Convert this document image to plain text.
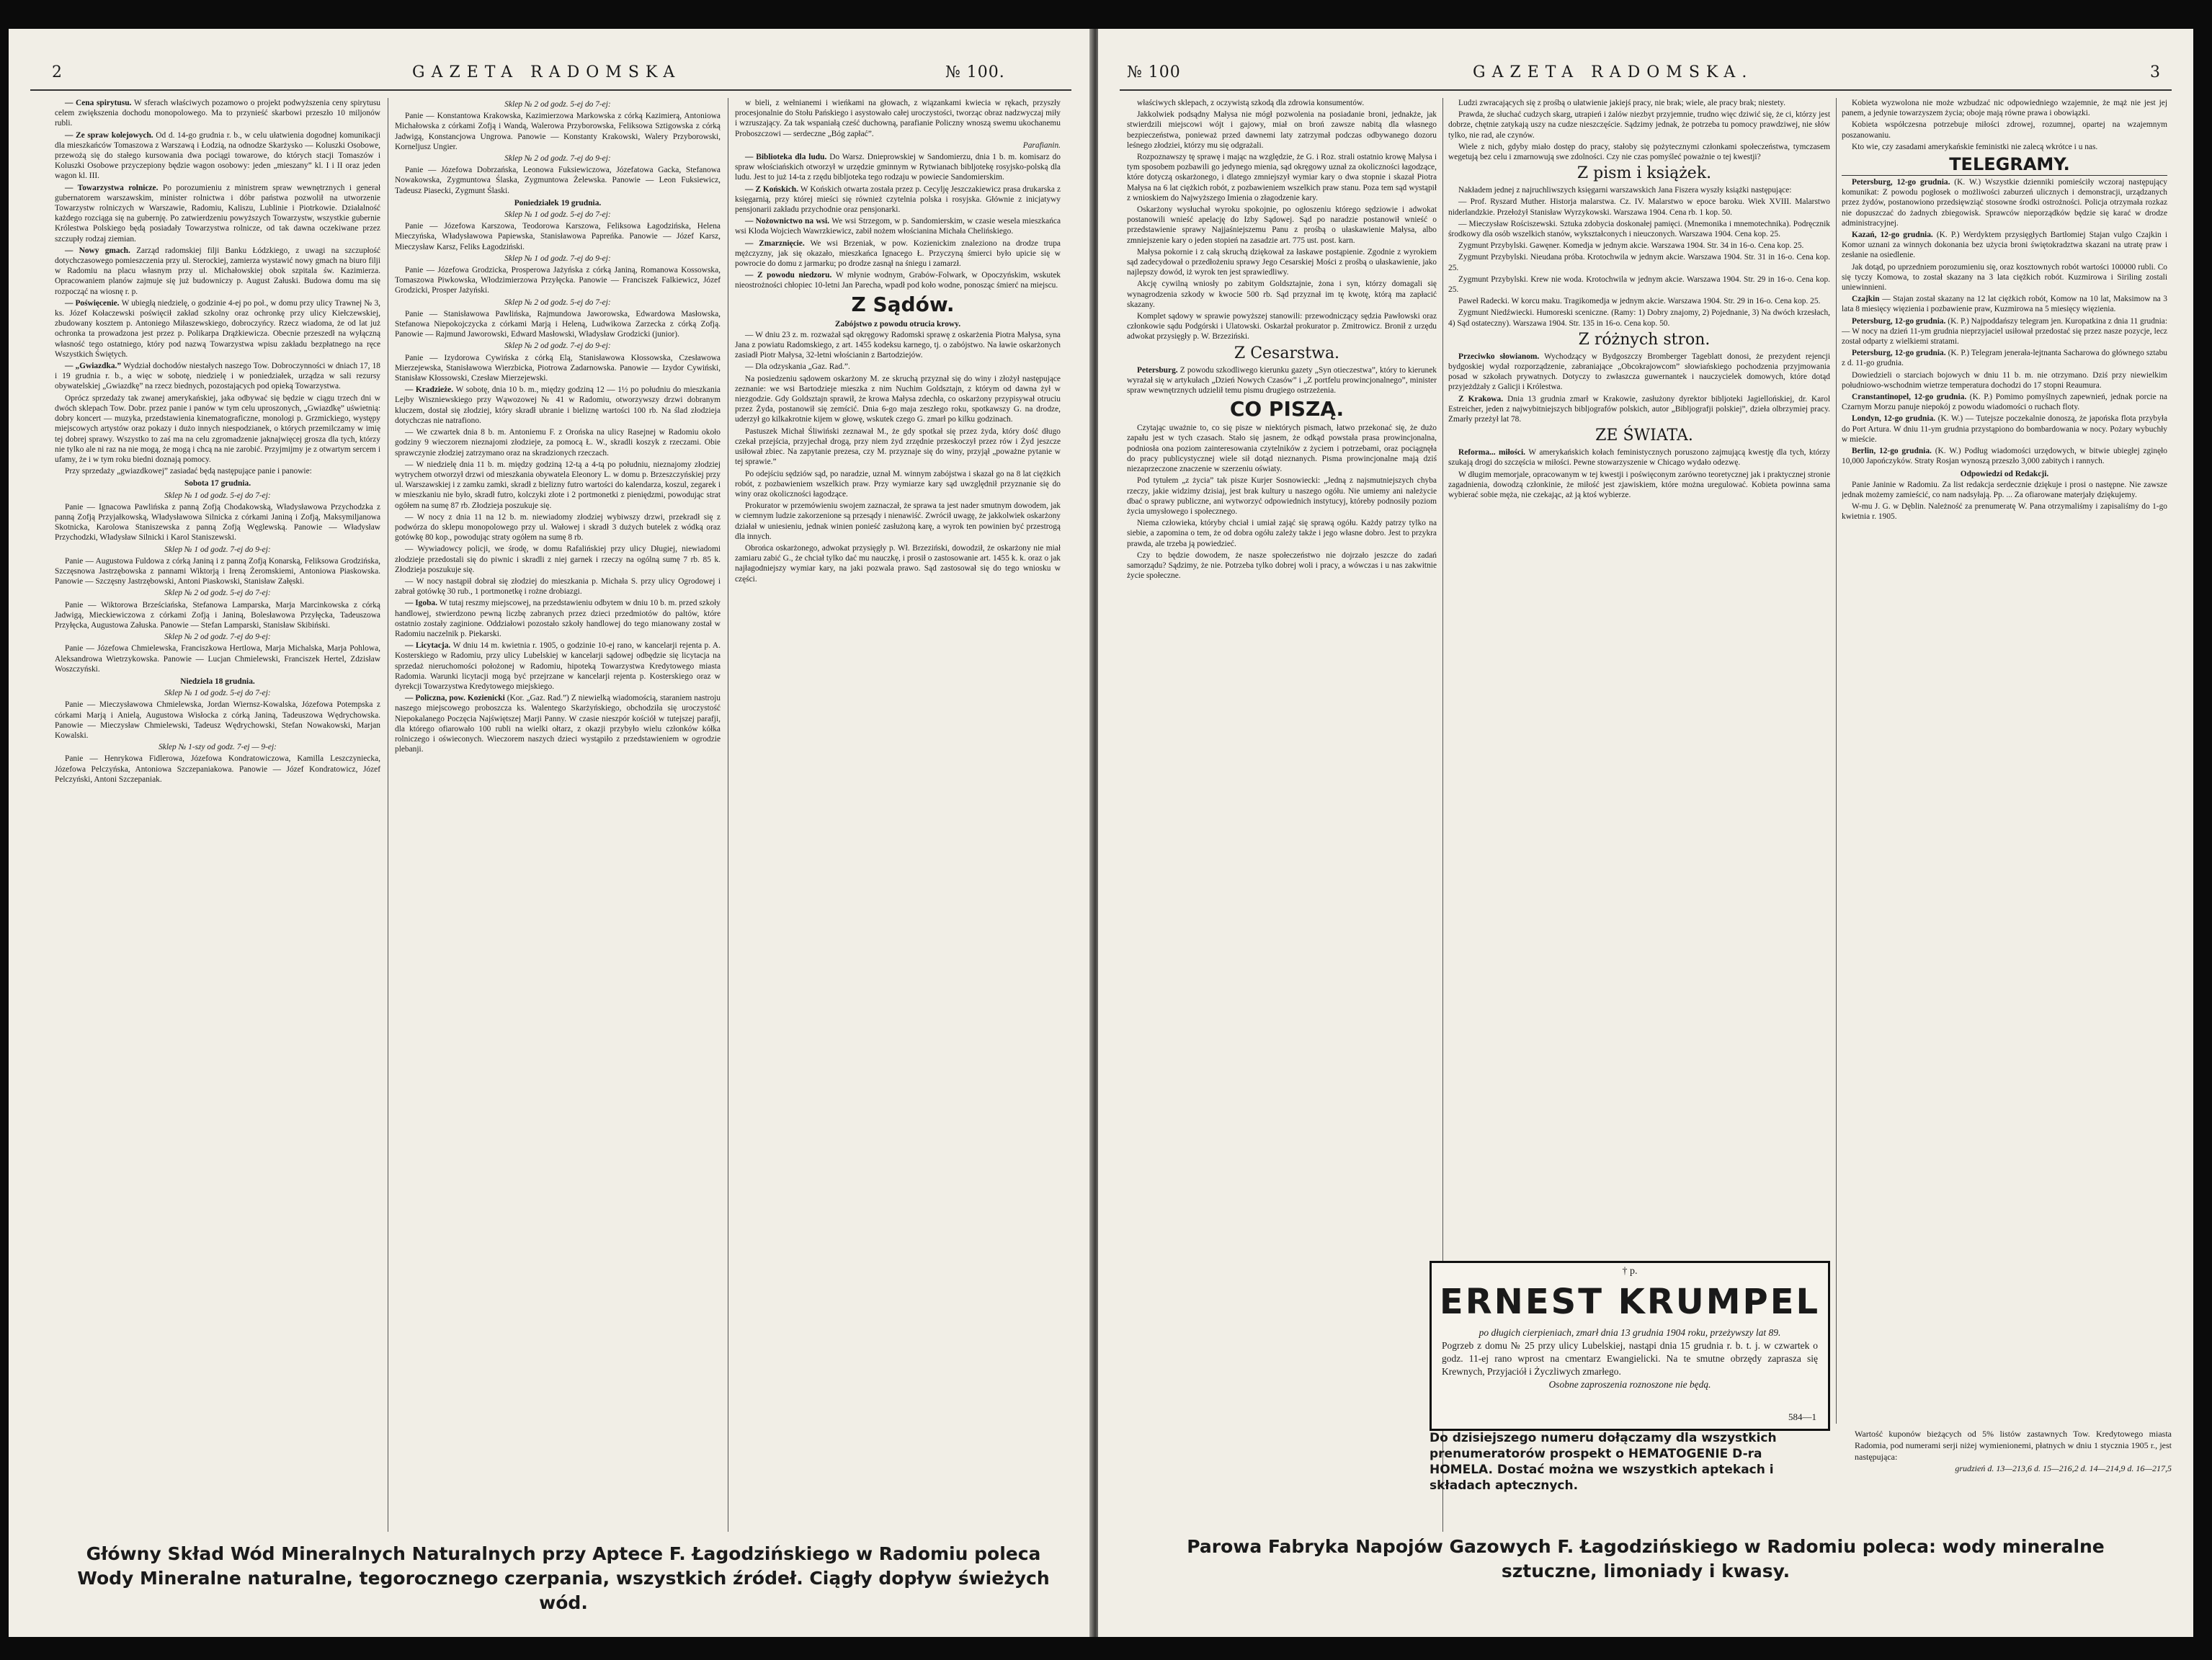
2	GAZETA RADOMSKA	№ 100.

— Cena spirytusu. W sferach właściwych pozamowo o projekt podwyższenia ceny spirytusu celem zwiększenia dochodu monopolowego. Ma to przynieść skarbowi przeszło 10 miljonów rubli.

— Ze spraw kolejowych. Od d. 14-go grudnia r. b., w celu ułatwienia dogodnej komunikacji dla mieszkańców Tomaszowa z Warszawą i Łodzią, na odnodze Skarżysko — Koluszki Osobowe, przewożą się do stałego kursowania dwa pociągi towarowe, do których stacji Tomaszów i Koluszki Osobowe przyczepiony będzie wagon osobowy: jeden „mieszany” kl. I i II oraz jeden wagon kl. III.

— Towarzystwa rolnicze. Po porozumieniu z ministrem spraw wewnętrznych i generał gubernatorem warszawskim, minister rolnictwa i dóbr państwa pozwolił na utworzenie Towarzystw rolniczych w Warszawie, Radomiu, Kaliszu, Lublinie i Piotrkowie. Działalność każdego rozciąga się na gubernję. Po zatwierdzeniu powyższych Towarzystw, wszystkie gubernie Królestwa Polskiego będą posiadały Towarzystwa rolnicze, od tak dawna oczekiwane przez szczupły rodzaj ziemian.

— Nowy gmach. Zarząd radomskiej filji Banku Łódzkiego, z uwagi na szczupłość dotychczasowego pomieszczenia przy ul. Sterockiej, zamierza wystawić nowy gmach na biuro filji w Radomiu na placu własnym przy ul. Michałowskiej obok szpitala św. Kazimierza. Opracowaniem planów zajmuje się już budowniczy p. August Załuski. Budowa domu ma się rozpocząć na wiosnę r. p.

— Poświęcenie. W ubiegłą niedzielę, o godzinie 4-ej po poł., w domu przy ulicy Trawnej № 3, ks. Józef Kołaczewski poświęcił zakład szkolny oraz ochronkę przy ulicy Kiełczewskiej, zbudowany kosztem p. Antoniego Miłaszewskiego, dobroczyńcy. Rzecz wiadoma, że od lat już ochronka ta prowadzona jest przez p. Polikarpa Drążkiewicza. Obecnie przeszedł na wyłączną własność tego ostatniego, który pod nazwą Towarzystwa wpisu zakładu bezpłatnego na ręce Wszystkich Świętych.

— „Gwiazdka.” Wydział dochodów niestałych naszego Tow. Dobroczynności w dniach 17, 18 i 19 grudnia r. b., a więc w sobotę, niedzielę i w poniedziałek, urządza w sali rezursy obywatelskiej „Gwiazdkę” na rzecz biednych, pozostających pod opieką Towarzystwa.

Oprócz sprzedaży tak zwanej amerykańskiej, jaka odbywać się będzie w ciągu trzech dni w dwóch sklepach Tow. Dobr. przez panie i panów w tym celu uproszonych, „Gwiazdkę” uświetnią: dobry koncert — muzyka, przedstawienia kinematograficzne, monologi p. Grzmickiego, występy miejscowych artystów oraz pokazy i dużo innych niespodzianek, o których przemilczamy w imię tej dobrej sprawy. Wszystko to zaś ma na celu zgromadzenie jaknajwięcej grosza dla tych, którzy nie tylko ale ni raz na nie mogą, że mogą i chcą na nie zarobić. Przyjmijmy je z otwartym sercem i ufamy, że i w tym roku biedni doznają pomocy.

Przy sprzedaży „gwiazdkowej” zasiadać będą następujące panie i panowie:

Sobota 17 grudnia.

Sklep № 1 od godz. 5-ej do 7-ej:

Panie — Ignacowa Pawlińska z panną Zofją Chodakowską, Władysławowa Przychodzka z panną Zofją Przyjałkowską, Władysławowa Silnicka z córkami Janiną i Zofją, Maksymiljanowa Skotnicka, Karolowa Staniszewska z panną Zofją Węglewską. Panowie — Władysław Przychodzki, Władysław Silnicki i Karol Staniszewski.

Sklep № 1 od godz. 7-ej do 9-ej:

Panie — Augustowa Fuldowa z córką Janiną i z panną Zofją Konarską, Feliksowa Grodzińska, Szczęsnowa Jastrzębowska z pannami Wiktorją i Ireną Żeromskiemi, Antoniowa Piaskowska. Panowie — Szczęsny Jastrzębowski, Antoni Piaskowski, Stanisław Załęski.

Sklep № 2 od godz. 5-ej do 7-ej:

Panie — Wiktorowa Brześciańska, Stefanowa Lamparska, Marja Marcinkowska z córką Jadwigą, Mieckiewiczowa z córkami Zofją i Janiną, Bolesławowa Przyłęcka, Tadeuszowa Przyłęcka, Augustowa Załuska. Panowie — Stefan Lamparski, Stanisław Skibiński.

Sklep № 2 od godz. 7-ej do 9-ej:

Panie — Józefowa Chmielewska, Franciszkowa Hertlowa, Marja Michalska, Marja Pohlowa, Aleksandrowa Wietrzykowska. Panowie — Lucjan Chmielewski, Franciszek Hertel, Zdzisław Woszczyński.

Niedziela 18 grudnia.

Sklep № 1 od godz. 5-ej do 7-ej:

Panie — Mieczysławowa Chmielewska, Jordan Wiernsz-Kowalska, Józefowa Potempska z córkami Marją i Anielą, Augustowa Wisłocka z córką Janiną, Tadeuszowa Wędrychowska. Panowie — Mieczysław Chmielewski, Tadeusz Wędrychowski, Stefan Nowakowski, Marjan Kowalski.

Sklep № 1-szy od godz. 7-ej — 9-ej:

Panie — Henrykowa Fidlerowa, Józefowa Kondratowiczowa, Kamilla Leszczyniecka, Józefowa Pelczyńska, Antoniowa Szczepaniakowa. Panowie — Józef Kondratowicz, Józef Pelczyński, Antoni Szczepaniak.

Sklep № 2 od godz. 5-ej do 7-ej:

Panie — Konstantowa Krakowska, Kazimierzowa Markowska z córką Kazimierą, Antoniowa Michałowska z córkami Zofją i Wandą, Walerowa Przyborowska, Feliksowa Sztigowska z córką Jadwigą, Konstancjowa Ungrowa. Panowie — Konstanty Krakowski, Walery Przyborowski, Korneljusz Ungier.

Sklep № 2 od godz. 7-ej do 9-ej:

Panie — Józefowa Dobrzańska, Leonowa Fuksiewiczowa, Józefatowa Gacka, Stefanowa Nowakowska, Zygmuntowa Ślaska, Zygmuntowa Żelewska. Panowie — Leon Fuksiewicz, Tadeusz Piasecki, Zygmunt Ślaski.

Poniedziałek 19 grudnia.

Sklep № 1 od godz. 5-ej do 7-ej:

Panie — Józefowa Karszowa, Teodorowa Karszowa, Feliksowa Łagodzińska, Helena Mieczyńska, Władysławowa Papiewska, Stanisławowa Papreńka. Panowie — Józef Karsz, Mieczysław Karsz, Feliks Łagodziński.

Sklep № 1 od godz. 7-ej do 9-ej:

Panie — Józefowa Grodzicka, Prosperowa Jażyńska z córką Janiną, Romanowa Kossowska, Tomaszowa Piwkowska, Włodzimierzowa Przyłęcka. Panowie — Franciszek Falkiewicz, Józef Grodzicki, Prosper Jażyński.

Sklep № 2 od godz. 5-ej do 7-ej:

Panie — Stanisławowa Pawlińska, Rajmundowa Jaworowska, Edwardowa Masłowska, Stefanowa Niepokojczycka z córkami Marją i Heleną, Ludwikowa Zarzecka z córką Zofją. Panowie — Rajmund Jaworowski, Edward Masłowski, Władysław Grodzicki (junior).

Sklep № 2 od godz. 7-ej do 9-ej:

Panie — Izydorowa Cywińska z córką Elą, Stanisławowa Kłossowska, Czesławowa Mierzejewska, Stanisławowa Wierzbicka, Piotrowa Zadarnowska. Panowie — Izydor Cywiński, Stanisław Kłossowski, Czesław Mierzejewski.

— Kradzieże. W sobotę, dnia 10 b. m., między godziną 12 — 1½ po południu do mieszkania Lejby Wiszniewskiego przy Wąwozowej № 41 w Radomiu, otworzywszy drzwi dobranym kluczem, dostał się złodziej, który skradł ubranie i bieliznę wartości 100 rb. Na ślad złodzieja dotychczas nie natrafiono.

— We czwartek dnia 8 b. m. Antoniemu F. z Orońska na ulicy Rasejnej w Radomiu około godziny 9 wieczorem nieznajomi złodzieje, za pomocą Ł. W., skradli koszyk z rzeczami. Obie sprawczynie złodziej zatrzymano oraz na skradzionych rzeczach.

— W niedzielę dnia 11 b. m. między godziną 12-tą a 4-tą po południu, nieznajomy złodziej wytrychem otworzył drzwi od mieszkania obywatela Eleonory L. w domu p. Brzeszczyńskiej przy ul. Warszawskiej i z zamku zamki, skradł z bielizny futro wartości do kalendarza, koszul, zegarek i w mieszkaniu nie było, skradł futro, kolczyki złote i 2 portmonetki z pieniędzmi, powodując strat ogółem na sumę 87 rb. Złodzieja poszukuje się.

— W nocy z dnia 11 na 12 b. m. niewiadomy złodziej wybiwszy drzwi, przekradł się z podwórza do sklepu monopolowego przy ul. Wałowej i skradł 3 dużych butelek z wódką oraz gotówkę 80 kop., powodując straty ogółem na sumę 8 rb.

— Wywiadowcy policji, we środę, w domu Rafalińskiej przy ulicy Długiej, niewiadomi złodzieje przedostali się do piwnic i skradli z niej garnek i rzeczy na ogólną sumę 7 rb. 85 k. Złodzieja poszukuje się.

— W nocy nastąpił dobrał się złodziej do mieszkania p. Michała S. przy ulicy Ogrodowej i zabrał gotówkę 30 rub., 1 portmonetkę i rożne drobiazgi.

— Igoba. W tutaj reszmy miejscowej, na przedstawieniu odbytem w dniu 10 b. m. przed szkoły handlowej, stwierdzono pewną liczbę zabranych przez dzieci przedmiotów do paltów, które ostatnio zostały zaginione. Oddziałowi pozostało szkoły handlowej do tego mianowany został w Radomiu naczelnik p. Piekarski.

— Licytacja. W dniu 14 m. kwietnia r. 1905, o godzinie 10-ej rano, w kancelarji rejenta p. A. Kosterskiego w Radomiu, przy ulicy Lubelskiej w kancelarji sądowej odbędzie się licytacja na sprzedaż nieruchomości położonej w Radomiu, hipoteką Towarzystwa Kredytowego miasta Radomia. Warunki licytacji mogą być przejrzane w kancelarji rejenta p. Kosterskiego oraz w dyrekcji Towarzystwa Kredytowego miejskiego.

— Policzna, pow. Kozienicki (Kor. „Gaz. Rad.”) Z niewielką wiadomością, staraniem nastroju naszego miejscowego proboszcza ks. Walentego Skarżyńskiego, obchodziła się uroczystość Niepokalanego Poczęcia Najświętszej Marji Panny. W czasie nieszpór kościół w tutejszej parafji, dla którego ofiarowało 100 rubli na wielki ołtarz, z okazji przybyło wielu członków kółka rolniczego i oświeconych. Wieczorem naszych dzieci wystąpiło z przedstawieniem w ogrodzie plebanji.

w bieli, z wełnianemi i wieńkami na głowach, z wiązankami kwiecia w rękach, przyszły procesjonalnie do Stołu Pańskiego i asystowało całej uroczystości, tworząc obraz nadzwyczaj miły i wzruszający. Za tak wspaniałą cześć duchowną, parafianie Policzny wnoszą swemu ukochanemu Proboszczowi — serdeczne „Bóg zapłać”.

Parafianin.

— Biblioteka dla ludu. Do Warsz. Dnieprowskiej w Sandomierzu, dnia 1 b. m. komisarz do spraw włościańskich otworzył w urzędzie gminnym w Rytwianach bibljotekę rosyjsko-polską dla ludu. Jest to już 14-ta z rzędu bibljoteka tego rodzaju w powiecie Sandomierskim.

— Z Końskich. W Końskich otwarta została przez p. Cecylję Jeszczakiewicz prasa drukarska z księgarnią, przy której mieści się również czytelnia polska i rosyjska. Głównie z inicjatywy pensjonarii zakładu przychodnie oraz pensjonarki.

— Nożownictwo na wsi. We wsi Strzegom, w p. Sandomierskim, w czasie wesela mieszkańca wsi Kloda Wojciech Wawrzkiewicz, zabił nożem włościanina Michała Chelińskiego.

— Zmarznięcie. We wsi Brzeniak, w pow. Kozienickim znaleziono na drodze trupa mężczyzny, jak się okazało, mieszkańca Ignacego Ł. Przyczyną śmierci było upicie się w powrocie do domu z jarmarku; po drodze zasnął na śniegu i zamarzł.

— Z powodu niedzoru. W młynie wodnym, Grabów-Folwark, w Opoczyńskim, wskutek nieostrożności chłopiec 10-letni Jan Parecha, wpadł pod koło wodne, ponosząc śmierć na miejscu.

Z Sądów.

Zabójstwo z powodu otrucia krowy.

— W dniu 23 z. m. rozważał sąd okręgowy Radomski sprawę z oskarżenia Piotra Małysa, syna Jana z powiatu Radomskiego, z art. 1455 kodeksu karnego, tj. o zabójstwo. Na ławie oskarżonych zasiadł Piotr Małysa, 32-letni włościanin z Bartodziejów.

— Dla odzyskania „Gaz. Rad.”.

Na posiedzeniu sądowem oskarżony M. ze skruchą przyznał się do winy i złożył następujące zeznanie: we wsi Bartodzieje mieszka z nim Nuchim Goldsztajn, z którym od dawna żył w niezgodzie. Gdy Goldsztajn sprawił, że krowa Małysa zdechła, co oskarżony przypisywał otruciu przez Żyda, postanowił się zemścić. Dnia 6-go maja zeszłego roku, spotkawszy G. na drodze, uderzył go kilkakrotnie kijem w głowę, wskutek czego G. zmarł po kilku godzinach.

Pastuszek Michał Śliwiński zeznawał M., że gdy spotkał się przez żyda, który dość długo czekał przejścia, przyjechał drogą, przy niem żyd zrzędnie przeskoczył przez rów i Żyd jeszcze usiłował zbiec. Na zapytanie prezesa, czy M. przyznaje się do winy, przyjął „poważne pytanie w tej sprawie.”

Po odejściu sędziów sąd, po naradzie, uznał M. winnym zabójstwa i skazał go na 8 lat ciężkich robót, z pozbawieniem wszelkich praw. Przy wymiarze kary sąd uwzględnił przyznanie się do winy oraz okoliczności łagodzące.

Prokurator w przemówieniu swojem zaznaczał, że sprawa ta jest nader smutnym dowodem, jak w ciemnym ludzie zakorzenione są przesądy i nienawiść. Zwrócił uwagę, że jakkolwiek oskarżony działał w uniesieniu, jednak winien ponieść zasłużoną karę, a wyrok ten powinien być przestrogą dla innych.

Obrońca oskarżonego, adwokat przysięgły p. Wł. Brzeziński, dowodził, że oskarżony nie miał zamiaru zabić G., że chciał tylko dać mu nauczkę, i prosił o zastosowanie art. 1455 k. k. oraz o jak najłagodniejszy wymiar kary, na jaki pozwala prawo. Sąd zastosował się do tego wniosku w części.

Główny Skład Wód Mineralnych Naturalnych przy Aptece F. Łagodzińskiego w Radomiu poleca Wody Mineralne naturalne, tegorocznego czerpania, wszystkich źródeł. Ciągły dopływ świeżych wód.
№ 100	GAZETA RADOMSKA.	3

właściwych sklepach, z oczywistą szkodą dla zdrowia konsumentów.

Jakkolwiek podsądny Małysa nie mógł pozwolenia na posiadanie broni, jednakże, jak stwierdzili miejscowi wójt i gajowy, miał on broń zawsze nabitą dla własnego bezpieczeństwa, ponieważ przed dawnemi laty zatrzymał podczas odbywanego dozoru leśnego złodziei, którzy mu się odgrażali.

Rozpoznawszy tę sprawę i mając na względzie, że G. i Roz. strali ostatnio krowę Małysa i tym sposobem pozbawili go jedynego mienia, sąd okręgowy uznał za okoliczności łagodzące, które dotyczą oskarżonego, i dlatego zmniejszył wymiar kary o dwa stopnie i skazał Piotra Małysa na 6 lat ciężkich robót, z pozbawieniem wszelkich praw stanu. Poza tem sąd wystąpił z wnioskiem do Najwyższego Imienia o złagodzenie kary.

Oskarżony wysłuchał wyroku spokojnie, po ogłoszeniu którego sędziowie i adwokat postanowili wnieść apelację do Izby Sądowej. Sąd po naradzie postanowił wnieść o przedstawienie sprawy Najjaśniejszemu Panu z prośbą o ułaskawienie Małysa, albo zmniejszenie kary o jeden stopień na zasadzie art. 775 ust. post. karn.

Małysa pokornie i z całą skruchą dziękował za łaskawe postąpienie. Zgodnie z wyrokiem sąd zadecydował o przedłożeniu sprawy Jego Cesarskiej Mości z prośbą o ułaskawienie, jako najlepszy dowód, iż wyrok ten jest sprawiedliwy.

Akcję cywilną wniosły po zabitym Goldsztajnie, żona i syn, którzy domagali się wynagrodzenia szkody w kwocie 500 rb. Sąd przyznał im tę kwotę, którą ma zapłacić skazany.

Komplet sądowy w sprawie powyższej stanowili: przewodniczący sędzia Pawłowski oraz członkowie sądu Podgórski i Ulatowski. Oskarżał prokurator p. Zmitrowicz. Bronił z urzędu adwokat przysięgły p. W. Brzeziński.

Z Cesarstwa.

Petersburg. Z powodu szkodliwego kierunku gazety „Syn otieczestwa”, który to kierunek wyrażał się w artykułach „Dzień Nowych Czasów” i „Z portfelu prowincjonalnego”, minister spraw wewnętrznych udzielił temu pismu drugiego ostrzeżenia.

CO PISZĄ.

Czytając uważnie to, co się pisze w niektórych pismach, łatwo przekonać się, że dużo zapału jest w tych czasach. Stało się jasnem, że odkąd powstała prasa prowincjonalna, podniosła ona poziom zainteresowania czytelników z życiem i potrzebami, oraz pociągnęła do pracy publicystycznej wiele sił dotąd nieznanych. Pisma prowincjonalne mają dziś niezaprzeczone znaczenie w szerzeniu oświaty.

Pod tytułem „z życia” tak pisze Kurjer Sosnowiecki: „Jedną z najsmutniejszych chyba rzeczy, jakie widzimy dzisiaj, jest brak kultury u naszego ogółu. Nie umiemy ani należycie dbać o sprawy publiczne, ani wytworzyć odpowiednich instytucyj, któreby podnosiły poziom życia umysłowego i społecznego.

Niema człowieka, któryby chciał i umiał zająć się sprawą ogółu. Każdy patrzy tylko na siebie, a zapomina o tem, że od dobra ogółu zależy także i jego własne dobro. Jest to przykra prawda, ale trzeba ją powiedzieć.

Czy to będzie dowodem, że nasze społeczeństwo nie dojrzało jeszcze do zadań samorządu? Sądzimy, że nie. Potrzeba tylko dobrej woli i pracy, a wówczas i u nas zakwitnie życie społeczne.

Ludzi zwracających się z prośbą o ułatwienie jakiejś pracy, nie brak; wiele, ale pracy brak; niestety.

Prawda, że słuchać cudzych skarg, utrapień i żalów niezbyt przyjemnie, trudno więc dziwić się, że ci, którzy jest dobrze, chętnie zatykają uszy na cudze nieszczęście. Sądzimy jednak, że potrzeba tu pomocy prawdziwej, nie słów tylko, nie rad, ale czynów.

Wiele z nich, gdyby miało dostęp do pracy, stałoby się pożytecznymi członkami społeczeństwa, tymczasem wegetują bez celu i zmarnowują swe zdolności. Czy nie czas pomyśleć poważnie o tej kwestji?

Z pism i książek.

Nakładem jednej z najruchliwszych księgarni warszawskich Jana Fiszera wyszły książki następujące:

— Prof. Ryszard Muther. Historja malarstwa. Cz. IV. Malarstwo w epoce baroku. Wiek XVIII. Malarstwo niderlandzkie. Przełożył Stanisław Wyrzykowski. Warszawa 1904. Cena rb. 1 kop. 50.

— Mieczysław Rościszewski. Sztuka zdobycia doskonałej pamięci. (Mnemonika i mnemotechnika). Podręcznik środkowy dla osób wszelkich stanów, wykształconych i nieuczonych. Warszawa 1904. Cena kop. 25.

Zygmunt Przybylski. Gawęner. Komedja w jednym akcie. Warszawa 1904. Str. 34 in 16-o. Cena kop. 25.

Zygmunt Przybylski. Nieudana próba. Krotochwila w jednym akcie. Warszawa 1904. Str. 31 in 16-o. Cena kop. 25.

Zygmunt Przybylski. Krew nie woda. Krotochwila w jednym akcie. Warszawa 1904. Str. 29 in 16-o. Cena kop. 25.

Paweł Radecki. W korcu maku. Tragikomedja w jednym akcie. Warszawa 1904. Str. 29 in 16-o. Cena kop. 25.

Zygmunt Niedźwiecki. Humoreski sceniczne. (Ramy: 1) Dobry znajomy, 2) Pojednanie, 3) Na dwóch krzesłach, 4) Sąd ostateczny). Warszawa 1904. Str. 135 in 16-o. Cena kop. 50.

Z różnych stron.

Przeciwko słowianom. Wychodzący w Bydgoszczy Bromberger Tageblatt donosi, że prezydent rejencji bydgoskiej wydał rozporządzenie, zabraniające „Obcokrajowcom” słowiańskiego pochodzenia przyjmowania posad w szkołach prywatnych. Dotyczy to zwłaszcza guwernantek i nauczycielek domowych, które dotąd przyjeżdżały z Galicji i Królestwa.

Z Krakowa. Dnia 13 grudnia zmarł w Krakowie, zasłużony dyrektor bibljoteki Jagiellońskiej, dr. Karol Estreicher, jeden z najwybitniejszych bibljografów polskich, autor „Bibljografji polskiej”, dzieła olbrzymiej pracy. Zmarły przeżył lat 78.

ZE ŚWIATA.

Reforma... miłości. W amerykańskich kołach feministycznych poruszono zajmującą kwestję dla tych, którzy szukają drogi do szczęścia w miłości. Pewne stowarzyszenie w Chicago wydało odezwę.

W długim memorjale, opracowanym w tej kwestji i poświęconym zarówno teoretycznej jak i praktycznej stronie zagadnienia, dowodzą członkinie, że miłość jest zjawiskiem, które można uregulować. Kobieta powinna sama wybierać sobie męża, nie czekając, aż ją ktoś wybierze.

Kobieta wyzwolona nie może wzbudzać nic odpowiedniego wzajemnie, że mąż nie jest jej panem, a jedynie towarzyszem życia; oboje mają równe prawa i obowiązki.

Kobieta współczesna potrzebuje miłości zdrowej, rozumnej, opartej na wzajemnym poszanowaniu.

Kto wie, czy zasadami amerykańskie feministki nie zalecą wkrótce i u nas.

TELEGRAMY.

Petersburg, 12-go grudnia. (K. W.) Wszystkie dzienniki pomieściły wczoraj następujący komunikat: Z powodu pogłosek o możliwości zaburzeń ulicznych i demonstracji, urządzanych przez żydów, postanowiono przedsięwziąć stosowne środki ostrożności. Policja otrzymała rozkaz nie dopuszczać do żadnych zbiegowisk. Sprawców nieporządków będzie się karać w drodze administracyjnej.

Kazań, 12-go grudnia. (K. P.) Werdyktem przysięgłych Bartłomiej Stajan vulgo Czajkin i Komor uznani za winnych dokonania bez użycia broni świętokradztwa skazani na utratę praw i zesłanie na osiedlenie.

Jak dotąd, po uprzedniem porozumieniu się, oraz kosztownych robót wartości 100000 rubli. Co się tyczy Komowa, to został skazany na 3 lata ciężkich robót. Kuzmirowa i Siriling zostali uniewinnieni.

Czajkin — Stajan został skazany na 12 lat ciężkich robót, Komow na 10 lat, Maksimow na 3 lata 8 miesięcy więzienia i pozbawienie praw, Kuzmirowa na 5 miesięcy więzienia.

Petersburg, 12-go grudnia. (K. P.) Najpoddańszy telegram jen. Kuropatkina z dnia 11 grudnia: — W nocy na dzień 11-ym grudnia nieprzyjaciel usiłował przedostać się przez nasze pozycje, lecz został odparty z wielkiemi stratami.

Petersburg, 12-go grudnia. (K. P.) Telegram jenerała-lejtnanta Sacharowa do głównego sztabu z d. 11-go grudnia.

Dowiedzieli o starciach bojowych w dniu 11 b. m. nie otrzymano. Dziś przy niewielkim południowo-wschodnim wietrze temperatura dochodzi do 17 stopni Reaumura.

Cranstantinopel, 12-go grudnia. (K. P.) Pomimo pomyślnych zapewnień, jednak porcie na Czarnym Morzu panuje niepokój z powodu wiadomości o ruchach floty.

Londyn, 12-go grudnia. (K. W.) — Tutejsze poczekalnie donoszą, że japońska flota przybyła do Port Artura. W dniu 11-ym grudnia przystąpiono do bombardowania w nocy. Pożary wybuchły w mieście.

Berlin, 12-go grudnia. (K. W.) Podług wiadomości urzędowych, w bitwie ubiegłej zginęło 10,000 Japończyków. Straty Rosjan wynoszą przeszło 3,000 zabitych i rannych.

Odpowiedzi od Redakcji.

Panie Janinie w Radomiu. Za list redakcja serdecznie dziękuje i prosi o następne. Nie zawsze jednak możemy zamieścić, co nam nadsyłają. Pp. ... Za ofiarowane materjały dziękujemy.

W-mu J. G. w Dęblin. Należność za prenumeratę W. Pana otrzymaliśmy i zapisaliśmy do 1-go kwietnia r. 1905.

† p.
ERNEST KRUMPEL
po długich cierpieniach, zmarł dnia 13 grudnia 1904 roku, przeżywszy lat 89.
Pogrzeb z domu № 25 przy ulicy Lubelskiej, nastąpi dnia 15 grudnia r. b. t. j. w czwartek o godz. 11-ej rano wprost na cmentarz Ewangielicki. Na te smutne obrzędy zaprasza się Krewnych, Przyjaciół i Życzliwych zmarłego.
Osobne zaproszenia roznoszone nie będą.
584—1
Do dzisiejszego numeru dołączamy dla wszystkich prenumeratorów prospekt o HEMATOGENIE D-ra HOMELA. Dostać można we wszystkich aptekach i składach aptecznych.
Wartość kuponów bieżących od 5% listów zastawnych Tow. Kredytowego miasta Radomia, pod numerami serji niżej wymienionemi, płatnych w dniu 1 stycznia 1905 r., jest następująca:
grudzień d. 13—213,6 d. 15—216,2 d. 14—214,9 d. 16—217,5
Parowa Fabryka Napojów Gazowych F. Łagodzińskiego w Radomiu poleca: wody mineralne sztuczne, limoniady i kwasy.
